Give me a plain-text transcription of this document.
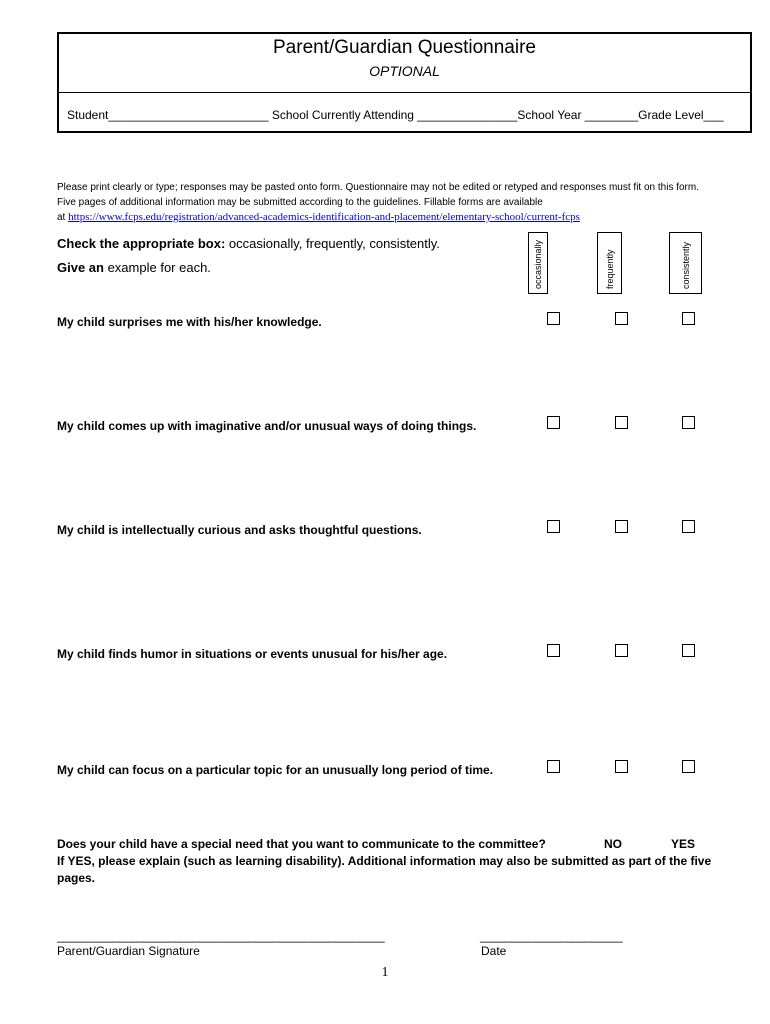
Parent/Guardian Questionnaire
OPTIONAL
Student________________________ School Currently Attending _______________School Year ________Grade Level___
Please print clearly or type; responses may be pasted onto form. Questionnaire may not be edited or retyped and responses must fit on this form. Five pages of additional information may be submitted according to the guidelines. Fillable forms are available
at https://www.fcps.edu/registration/advanced-academics-identification-and-placement/elementary-school/current-fcps
Check the appropriate box: occasionally, frequently, consistently.
Give an example for each.	occasionally	frequently	consistently
My child surprises me with his/her knowledge.
My child comes up with imaginative and/or unusual ways of doing things.
My child is intellectually curious and asks thoughtful questions.
My child finds humor in situations or events unusual for his/her age.
My child can focus on a particular topic for an unusually long period of time.
Does your child have a special need that you want to communicate to the committee?	NO	YES
If YES, please explain (such as learning disability). Additional information may also be submitted as part of the five pages.
_____________________________________________________
Parent/Guardian Signature
_______________________
Date
1
